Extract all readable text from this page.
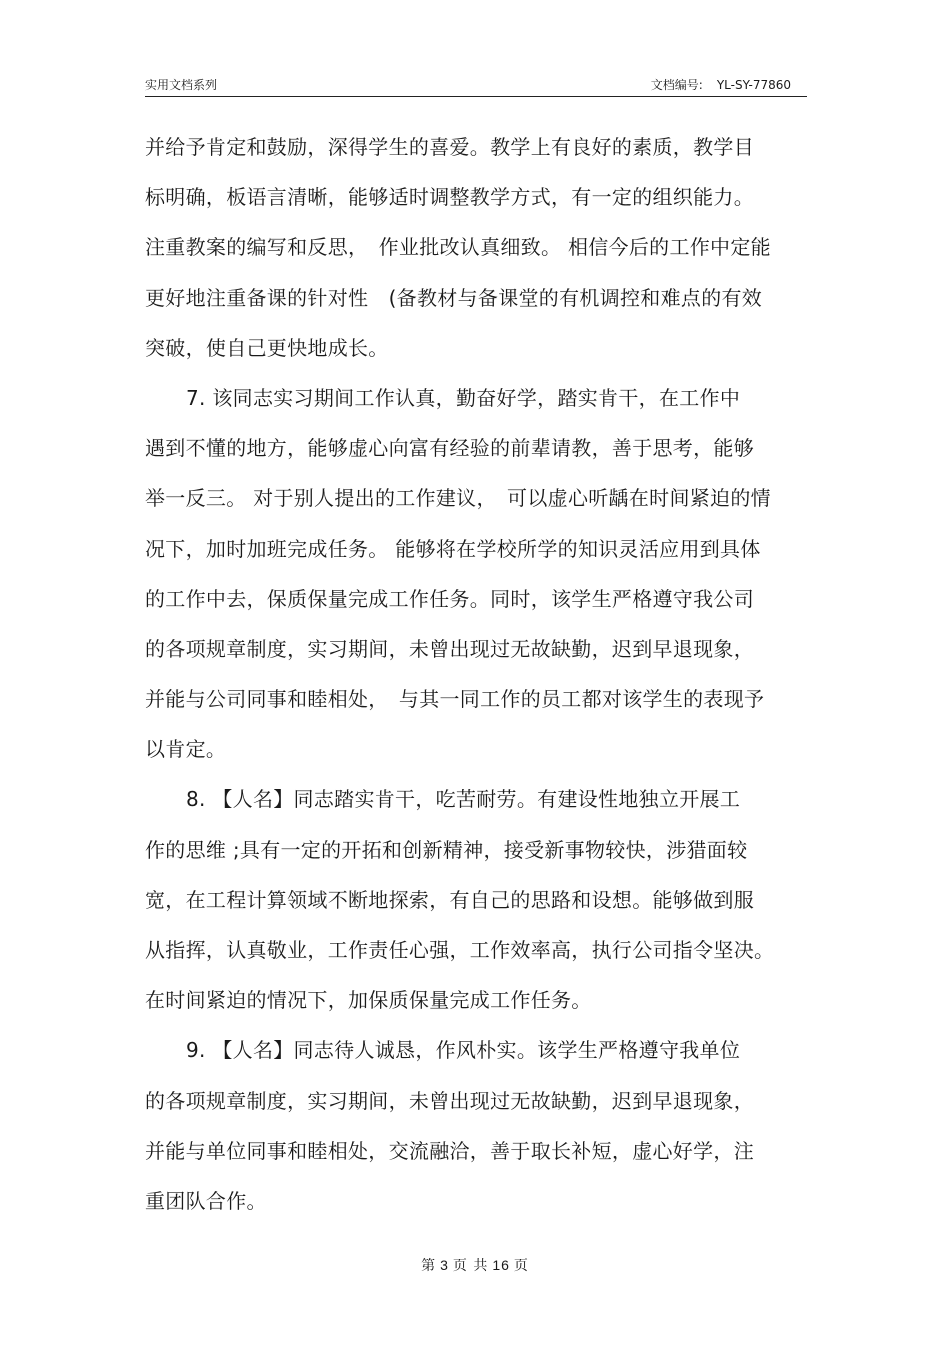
实用文档系列	文档编号: YL-SY-77860
并给予肯定和鼓励，深得学生的喜爱。教学上有良好的素质，教学目
标明确，板语言清晰，能够适时调整教学方式，有一定的组织能力。
注重教案的编写和反思，　作业批改认真细致。 相信今后的工作中定能
更好地注重备课的针对性　(备教材与备课堂的有机调控和难点的有效
突破，使自己更快地成长。
7. 该同志实习期间工作认真，勤奋好学，踏实肯干，在工作中
遇到不懂的地方，能够虚心向富有经验的前辈请教，善于思考，能够
举一反三。 对于别人提出的工作建议，　可以虚心听龋在时间紧迫的情
况下，加时加班完成任务。 能够将在学校所学的知识灵活应用到具体
的工作中去，保质保量完成工作任务。同时，该学生严格遵守我公司
的各项规章制度，实习期间，未曾出现过无故缺勤，迟到早退现象，
并能与公司同事和睦相处，　与其一同工作的员工都对该学生的表现予
以肯定。
8. 【人名】同志踏实肯干，吃苦耐劳。有建设性地独立开展工
作的思维 ;具有一定的开拓和创新精神，接受新事物较快，涉猎面较
宽，在工程计算领域不断地探索，有自己的思路和设想。能够做到服
从指挥，认真敬业，工作责任心强，工作效率高，执行公司指令坚决。
在时间紧迫的情况下，加保质保量完成工作任务。
9. 【人名】同志待人诚恳，作风朴实。该学生严格遵守我单位
的各项规章制度，实习期间，未曾出现过无故缺勤，迟到早退现象，
并能与单位同事和睦相处，交流融洽，善于取长补短，虚心好学，注
重团队合作。
第 3 页 共 16 页
